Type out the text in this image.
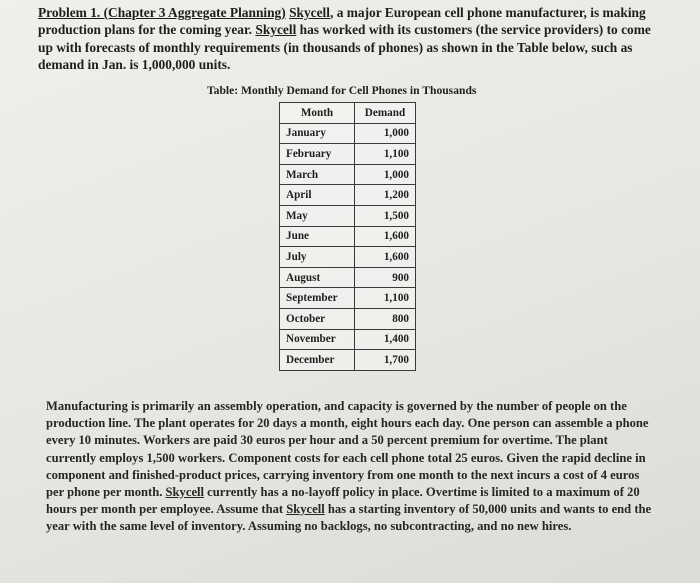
Problem 1. (Chapter 3 Aggregate Planning) Skycell, a major European cell phone manufacturer, is making production plans for the coming year. Skycell has worked with its customers (the service providers) to come up with forecasts of monthly requirements (in thousands of phones) as shown in the Table below, such as demand in Jan. is 1,000,000 units.
Table: Monthly Demand for Cell Phones in Thousands
Month	Demand
January	1,000
February	1,100
March	1,000
April	1,200
May	1,500
June	1,600
July	1,600
August	900
September	1,100
October	800
November	1,400
December	1,700
Manufacturing is primarily an assembly operation, and capacity is governed by the number of people on the production line. The plant operates for 20 days a month, eight hours each day. One person can assemble a phone every 10 minutes. Workers are paid 30 euros per hour and a 50 percent premium for overtime. The plant currently employs 1,500 workers. Component costs for each cell phone total 25 euros. Given the rapid decline in component and finished-product prices, carrying inventory from one month to the next incurs a cost of 4 euros per phone per month. Skycell currently has a no-layoff policy in place. Overtime is limited to a maximum of 20 hours per month per employee. Assume that Skycell has a starting inventory of 50,000 units and wants to end the year with the same level of inventory. Assuming no backlogs, no subcontracting, and no new hires.
